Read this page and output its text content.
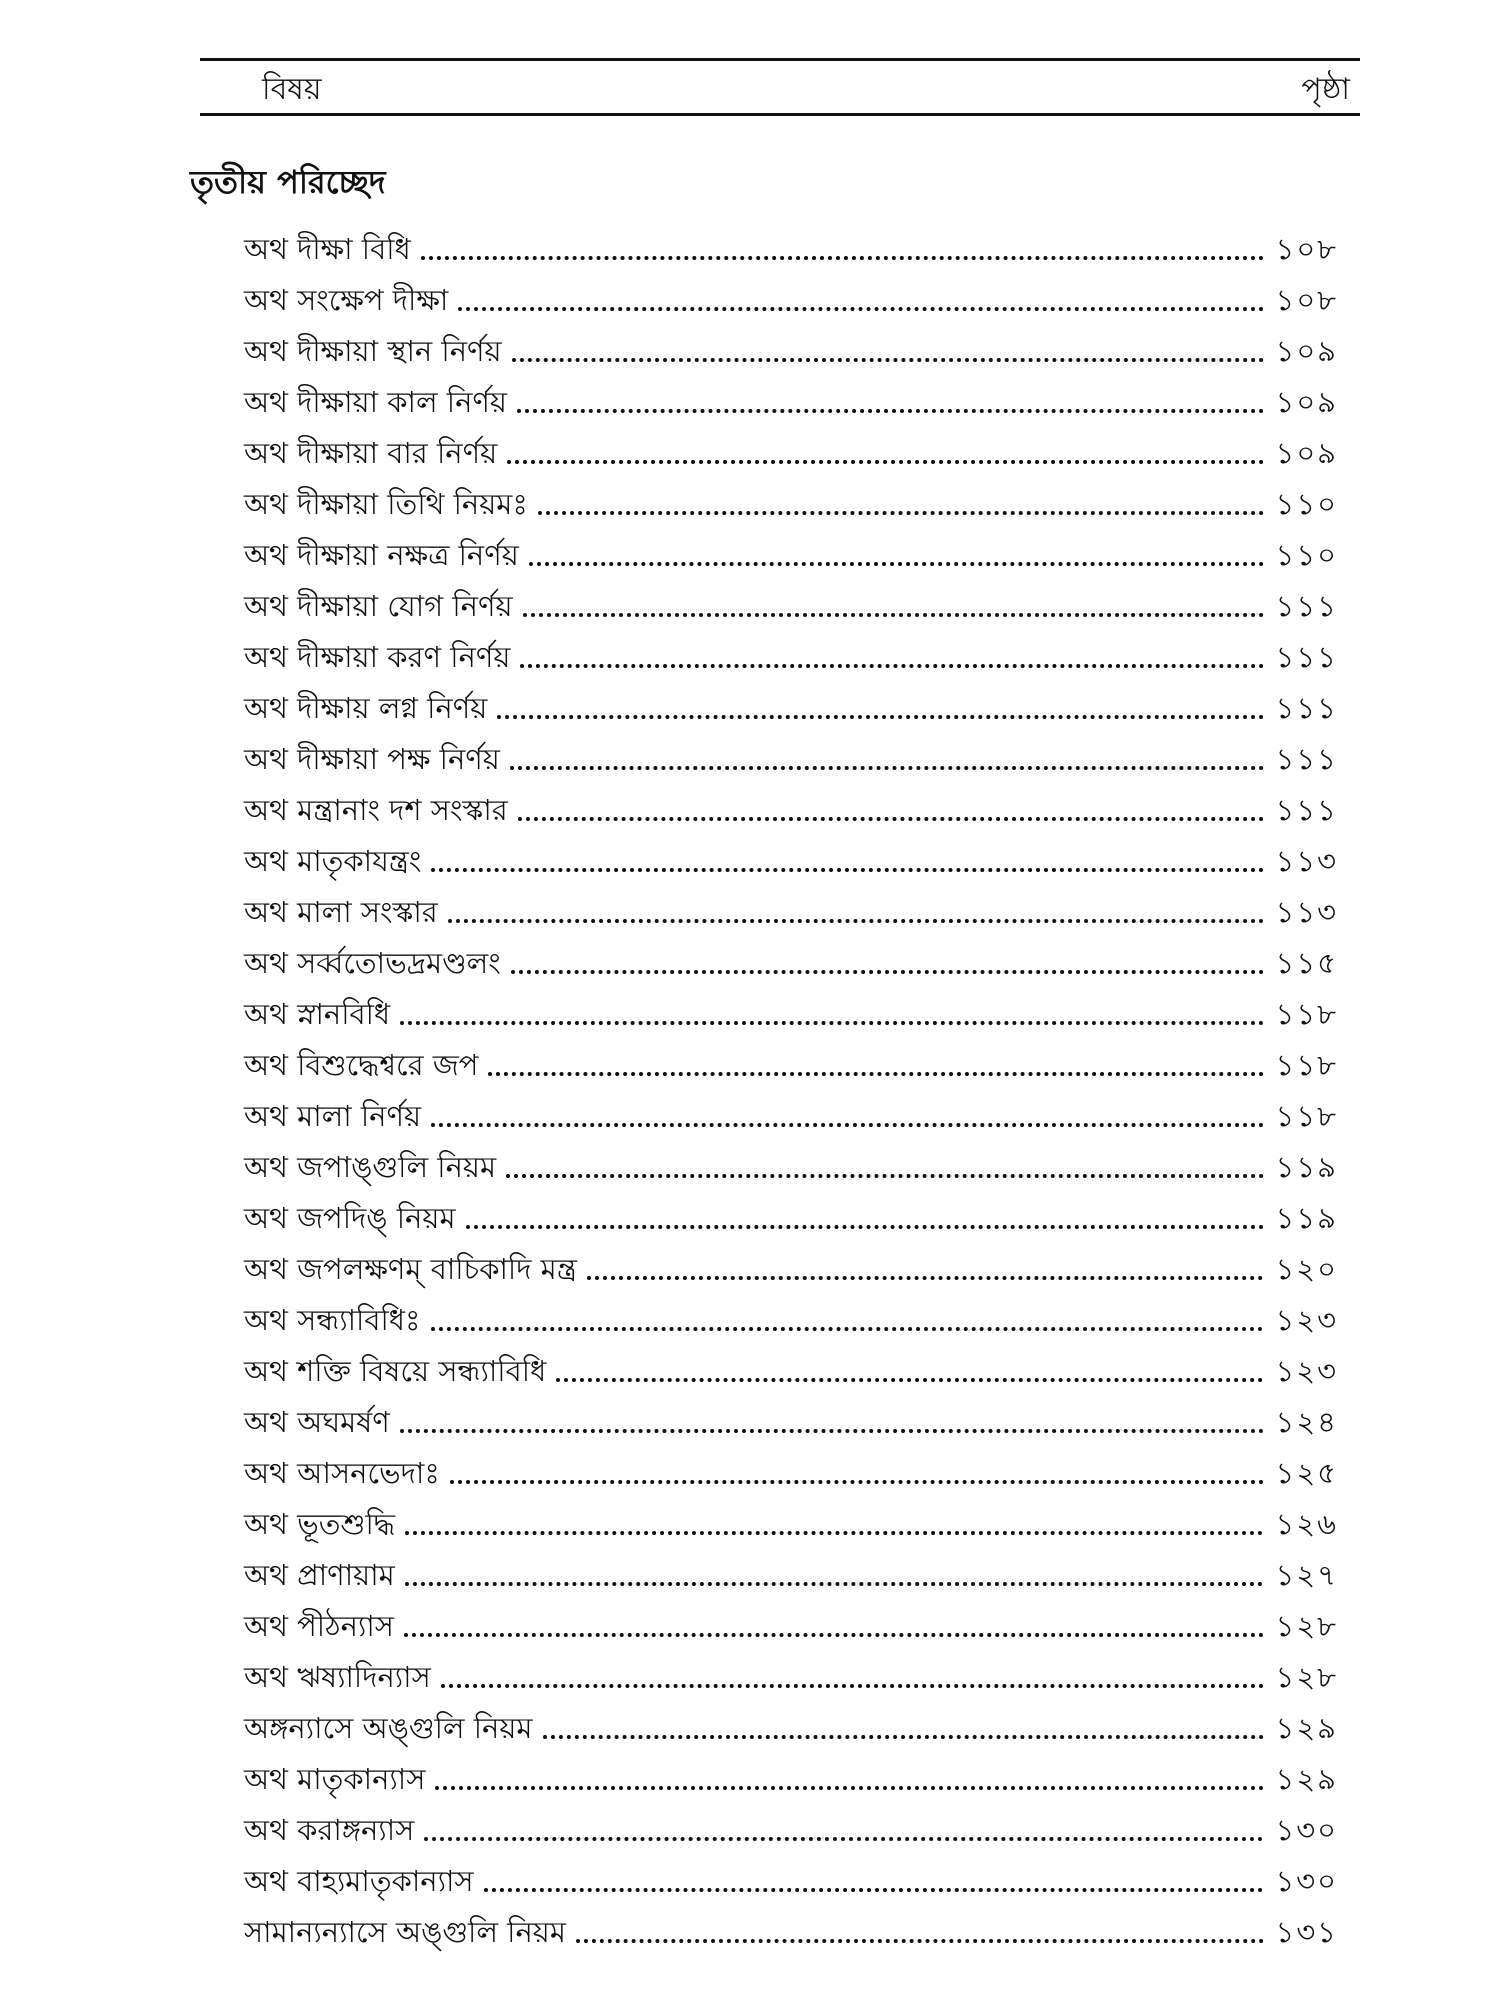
বিষয়	পৃষ্ঠা
তৃতীয় পরিচ্ছেদ
অথ দীক্ষা বিধি	১০৮
অথ সংক্ষেপ দীক্ষা	১০৮
অথ দীক্ষায়া স্থান নির্ণয়	১০৯
অথ দীক্ষায়া কাল নির্ণয়	১০৯
অথ দীক্ষায়া বার নির্ণয়	১০৯
অথ দীক্ষায়া তিথি নিয়মঃ	১১০
অথ দীক্ষায়া নক্ষত্র নির্ণয়	১১০
অথ দীক্ষায়া যোগ নির্ণয়	১১১
অথ দীক্ষায়া করণ নির্ণয়	১১১
অথ দীক্ষায় লগ্ন নির্ণয়	১১১
অথ দীক্ষায়া পক্ষ নির্ণয়	১১১
অথ মন্ত্রানাং দশ সংস্কার	১১১
অথ মাতৃকাযন্ত্রং	১১৩
অথ মালা সংস্কার	১১৩
অথ সর্ব্বতোভদ্রমণ্ডলং	১১৫
অথ স্নানবিধি	১১৮
অথ বিশুদ্ধেশ্বরে জপ	১১৮
অথ মালা নির্ণয়	১১৮
অথ জপাঙ্গুলি নিয়ম	১১৯
অথ জপদিঙ্ নিয়ম	১১৯
অথ জপলক্ষণম্ বাচিকাদি মন্ত্র	১২০
অথ সন্ধ্যাবিধিঃ	১২৩
অথ শক্তি বিষয়ে সন্ধ্যাবিধি	১২৩
অথ অঘমর্ষণ	১২৪
অথ আসনভেদাঃ	১২৫
অথ ভূতশুদ্ধি	১২৬
অথ প্রাণায়াম	১২৭
অথ পীঠন্যাস	১২৮
অথ ঋষ্যাদিন্যাস	১২৮
অঙ্গন্যাসে অঙ্গুলি নিয়ম	১২৯
অথ মাতৃকান্যাস	১২৯
অথ করাঙ্গন্যাস	১৩০
অথ বাহ্যমাতৃকান্যাস	১৩০
সামান্যন্যাসে অঙ্গুলি নিয়ম	১৩১
